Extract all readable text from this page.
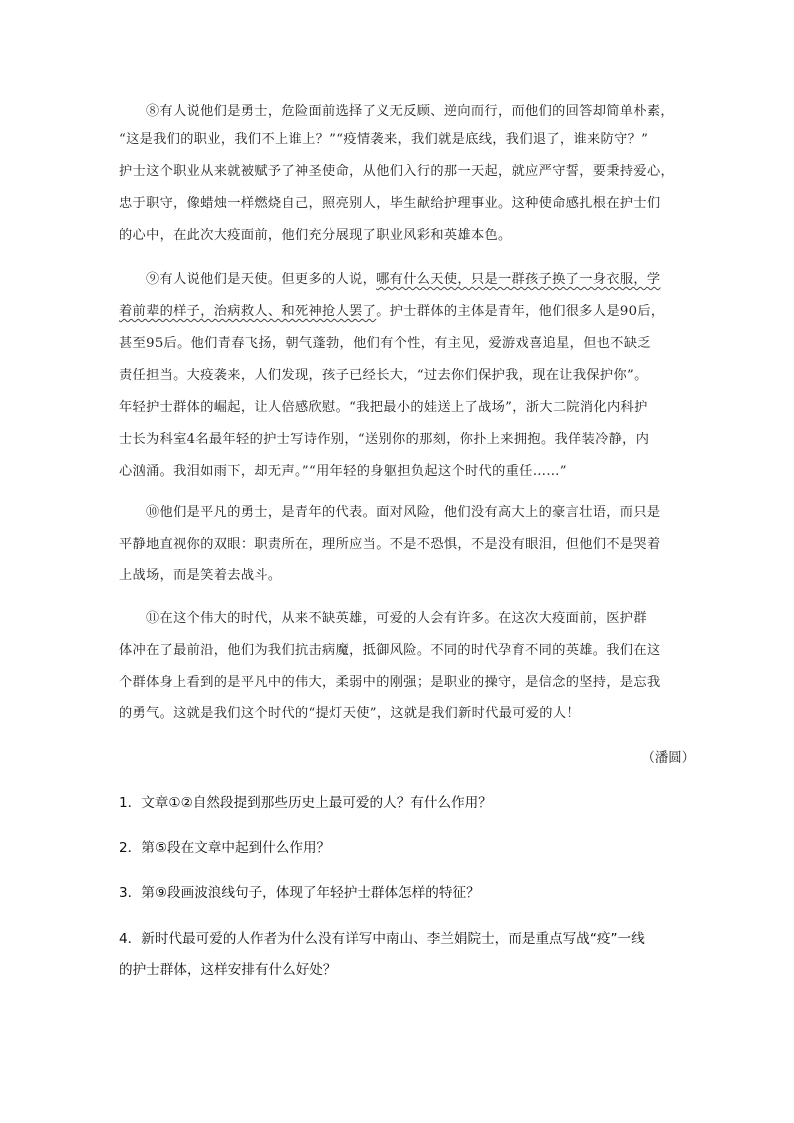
⑧有人说他们是勇士，危险面前选择了义无反顾、逆向而行，而他们的回答却简单朴素，
“这是我们的职业，我们不上谁上？”“疫情袭来，我们就是底线，我们退了，谁来防守？”
护士这个职业从来就被赋予了神圣使命，从他们入行的那一天起，就应严守誓，要秉持爱心，
忠于职守，像蜡烛一样燃烧自己，照亮别人，毕生献给护理事业。这种使命感扎根在护士们
的心中，在此次大疫面前，他们充分展现了职业风彩和英雄本色。
⑨有人说他们是天使。但更多的人说，哪有什么天使，只是一群孩子换了一身衣服，学
着前辈的样子，治病救人、和死神抢人罢了。护士群体的主体是青年，他们很多人是90后，
甚至95后。他们青春飞扬，朝气蓬勃，他们有个性，有主见，爱游戏喜追星，但也不缺乏
责任担当。大疫袭来，人们发现，孩子已经长大，“过去你们保护我，现在让我保护你”。
年轻护士群体的崛起，让人倍感欣慰。“我把最小的娃送上了战场”，浙大二院消化内科护
士长为科室4名最年轻的护士写诗作别，“送别你的那刻，你扑上来拥抱。我佯装冷静，内
心汹涌。我泪如雨下，却无声。”“用年轻的身躯担负起这个时代的重任……”
⑩他们是平凡的勇士，是青年的代表。面对风险，他们没有高大上的豪言壮语，而只是
平静地直视你的双眼：职责所在，理所应当。不是不恐惧，不是没有眼泪，但他们不是哭着
上战场，而是笑着去战斗。
⑪在这个伟大的时代，从来不缺英雄，可爱的人会有许多。在这次大疫面前，医护群
体冲在了最前沿，他们为我们抗击病魔，抵御风险。不同的时代孕育不同的英雄。我们在这
个群体身上看到的是平凡中的伟大，柔弱中的刚强；是职业的操守，是信念的坚持，是忘我
的勇气。这就是我们这个时代的“提灯天使”，这就是我们新时代最可爱的人！
（潘圆）
1．文章①②自然段提到那些历史上最可爱的人？有什么作用？
2．第⑤段在文章中起到什么作用？
3．第⑨段画波浪线句子，体现了年轻护士群体怎样的特征？
4．新时代最可爱的人作者为什么没有详写中南山、李兰娟院士，而是重点写战“疫”一线
的护士群体，这样安排有什么好处？
